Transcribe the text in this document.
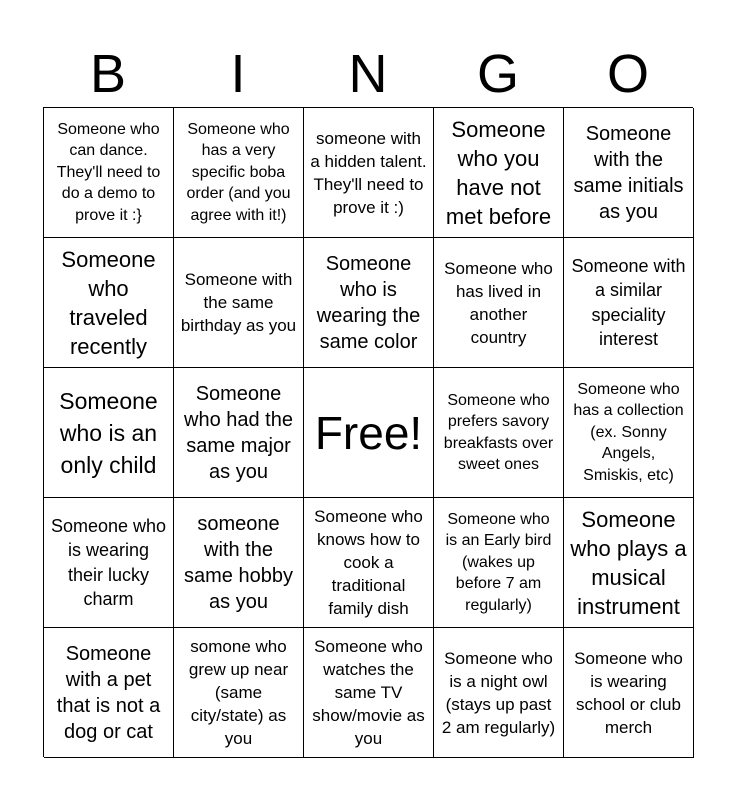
B	I	N	G	O
Someone who can dance. They'll need to do a demo to prove it :}
Someone who has a very specific boba order (and you agree with it!)
someone with a hidden talent. They'll need to prove it :)
Someone who you have not met before
Someone with the same initials as you
Someone who traveled recently
Someone with the same birthday as you
Someone who is wearing the same color
Someone who has lived in another country
Someone with a similar speciality interest
Someone who is an only child
Someone who had the same major as you
Free!
Someone who prefers savory breakfasts over sweet ones
Someone who has a collection (ex. Sonny Angels, Smiskis, etc)
Someone who is wearing their lucky charm
someone with the same hobby as you
Someone who knows how to cook a traditional family dish
Someone who is an Early bird (wakes up before 7 am regularly)
Someone who plays a musical instrument
Someone with a pet that is not a dog or cat
somone who grew up near (same city/state) as you
Someone who watches the same TV show/movie as you
Someone who is a night owl (stays up past 2 am regularly)
Someone who is wearing school or club merch
